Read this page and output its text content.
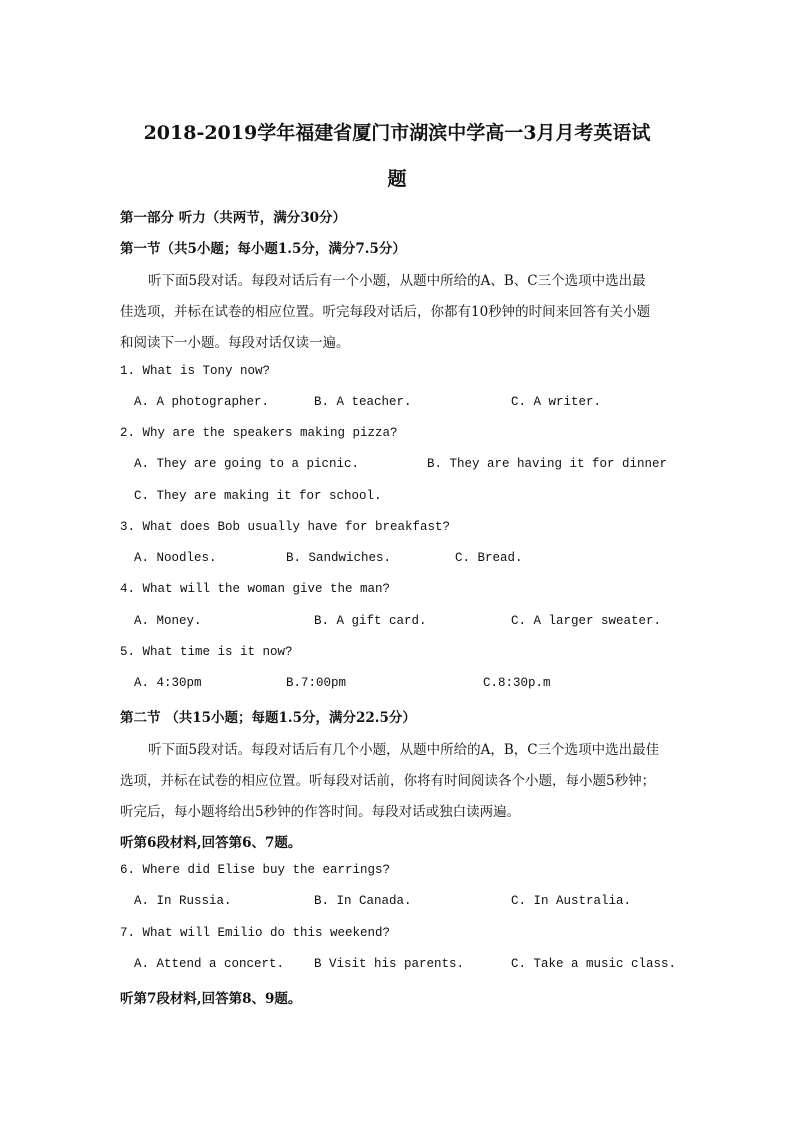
2018-2019学年福建省厦门市湖滨中学高一3月月考英语试
题
第一部分 听力（共两节，满分30分）
第一节（共5小题；每小题1.5分，满分7.5分）
听下面5段对话。每段对话后有一个小题，从题中所给的A、B、C三个选项中选出最
佳选项，并标在试卷的相应位置。听完每段对话后，你都有10秒钟的时间来回答有关小题
和阅读下一小题。每段对话仅读一遍。
1. What is Tony now?
A. A photographer.	B. A teacher.	C. A writer.
2. Why are the speakers making pizza?
A. They are going to a picnic.	B. They are having it for dinner
C. They are making it for school.
3. What does Bob usually have for breakfast?
A. Noodles.	B. Sandwiches.	C. Bread.
4. What will the woman give the man?
A. Money.	B. A gift card.	C. A larger sweater.
5. What time is it now?
A. 4:30pm	B.7:00pm	C.8:30p.m
第二节 （共15小题；每题1.5分，满分22.5分）
听下面5段对话。每段对话后有几个小题，从题中所给的A，B，C三个选项中选出最佳
选项，并标在试卷的相应位置。听每段对话前，你将有时间阅读各个小题，每小题5秒钟；
听完后，每小题将给出5秒钟的作答时间。每段对话或独白读两遍。
听第6段材料,回答第6、7题。
6. Where did Elise buy the earrings?
A. In Russia.	B. In Canada.	C. In Australia.
7. What will Emilio do this weekend?
A. Attend a concert. B Visit his parents.	C. Take a music class.
听第7段材料,回答第8、9题。
